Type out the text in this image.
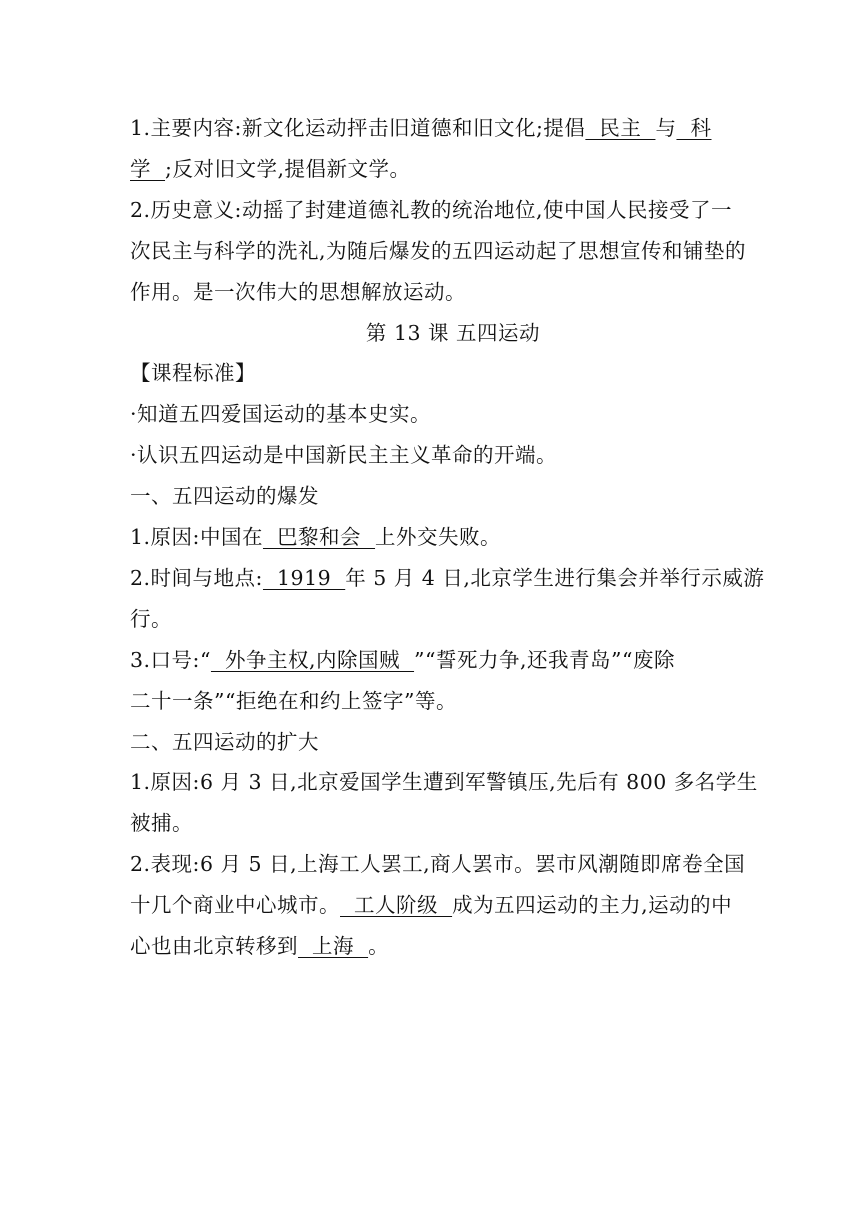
1.主要内容:新文化运动抨击旧道德和旧文化;提倡  民主  与  科
学  ;反对旧文学,提倡新文学。
2.历史意义:动摇了封建道德礼教的统治地位,使中国人民接受了一
次民主与科学的洗礼,为随后爆发的五四运动起了思想宣传和铺垫的
作用。是一次伟大的思想解放运动。
第 13 课 五四运动
【课程标准】
·知道五四爱国运动的基本史实。
·认识五四运动是中国新民主主义革命的开端。
一、五四运动的爆发
1.原因:中国在  巴黎和会  上外交失败。
2.时间与地点:  1919  年 5 月 4 日,北京学生进行集会并举行示威游
行。
3.口号:“  外争主权,内除国贼  ”“誓死力争,还我青岛”“废除
二十一条”“拒绝在和约上签字”等。
二、五四运动的扩大
1.原因:6 月 3 日,北京爱国学生遭到军警镇压,先后有 800 多名学生
被捕。
2.表现:6 月 5 日,上海工人罢工,商人罢市。罢市风潮随即席卷全国
十几个商业中心城市。  工人阶级  成为五四运动的主力,运动的中
心也由北京转移到  上海  。
